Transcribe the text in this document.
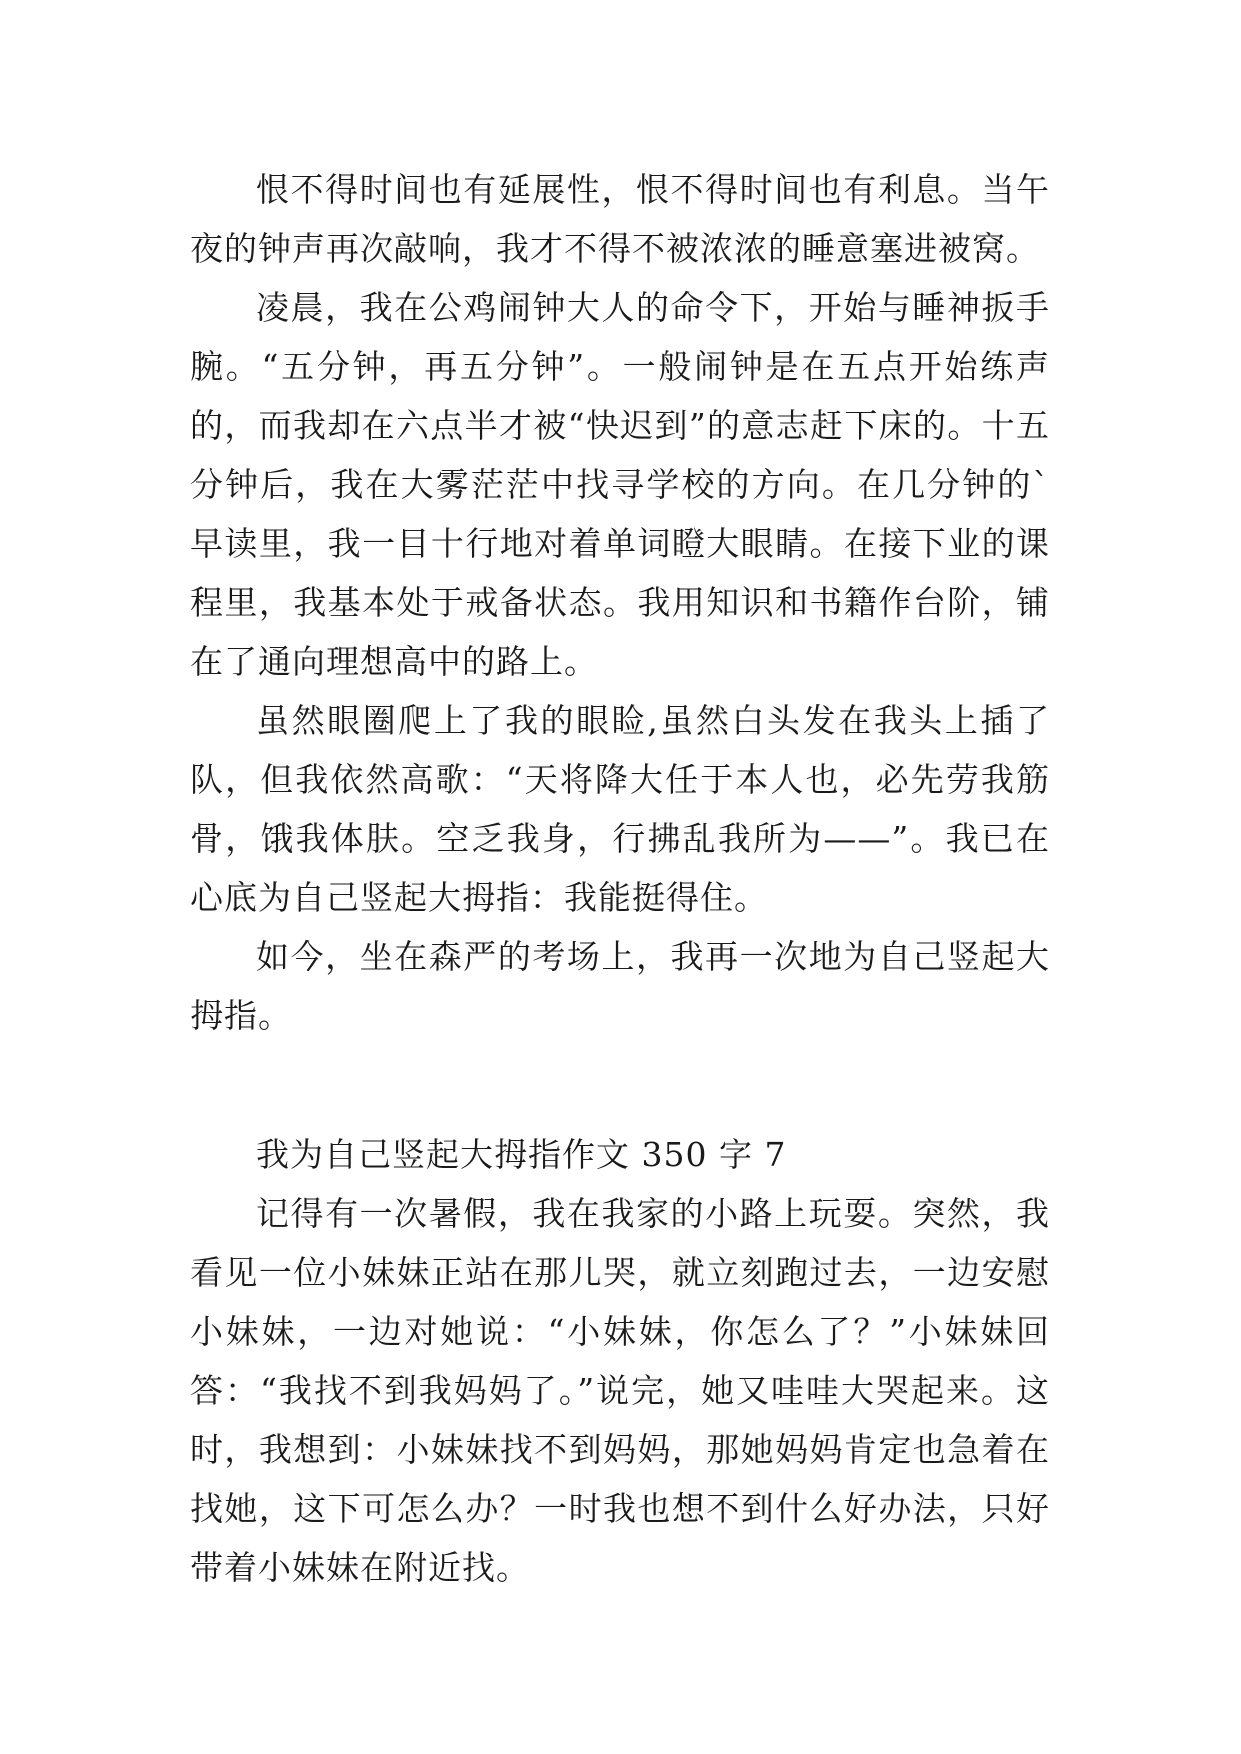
恨不得时间也有延展性，恨不得时间也有利息。当午夜的钟声再次敲响，我才不得不被浓浓的睡意塞进被窝。

凌晨，我在公鸡闹钟大人的命令下，开始与睡神扳手腕。“五分钟，再五分钟”。一般闹钟是在五点开始练声的，而我却在六点半才被“快迟到”的意志赶下床的。十五分钟后，我在大雾茫茫中找寻学校的方向。在几分钟的`早读里，我一目十行地对着单词瞪大眼睛。在接下业的课程里，我基本处于戒备状态。我用知识和书籍作台阶，铺在了通向理想高中的路上。

虽然眼圈爬上了我的眼睑,虽然白头发在我头上插了队，但我依然高歌：“天将降大任于本人也，必先劳我筋骨，饿我体肤。空乏我身，行拂乱我所为——”。我已在心底为自己竖起大拇指：我能挺得住。

如今，坐在森严的考场上，我再一次地为自己竖起大拇指。

我为自己竖起大拇指作文 350 字 7

记得有一次暑假，我在我家的小路上玩耍。突然，我看见一位小妹妹正站在那儿哭，就立刻跑过去，一边安慰小妹妹，一边对她说：“小妹妹，你怎么了？”小妹妹回答：“我找不到我妈妈了。”说完，她又哇哇大哭起来。这时，我想到：小妹妹找不到妈妈，那她妈妈肯定也急着在找她，这下可怎么办？一时我也想不到什么好办法，只好带着小妹妹在附近找。
